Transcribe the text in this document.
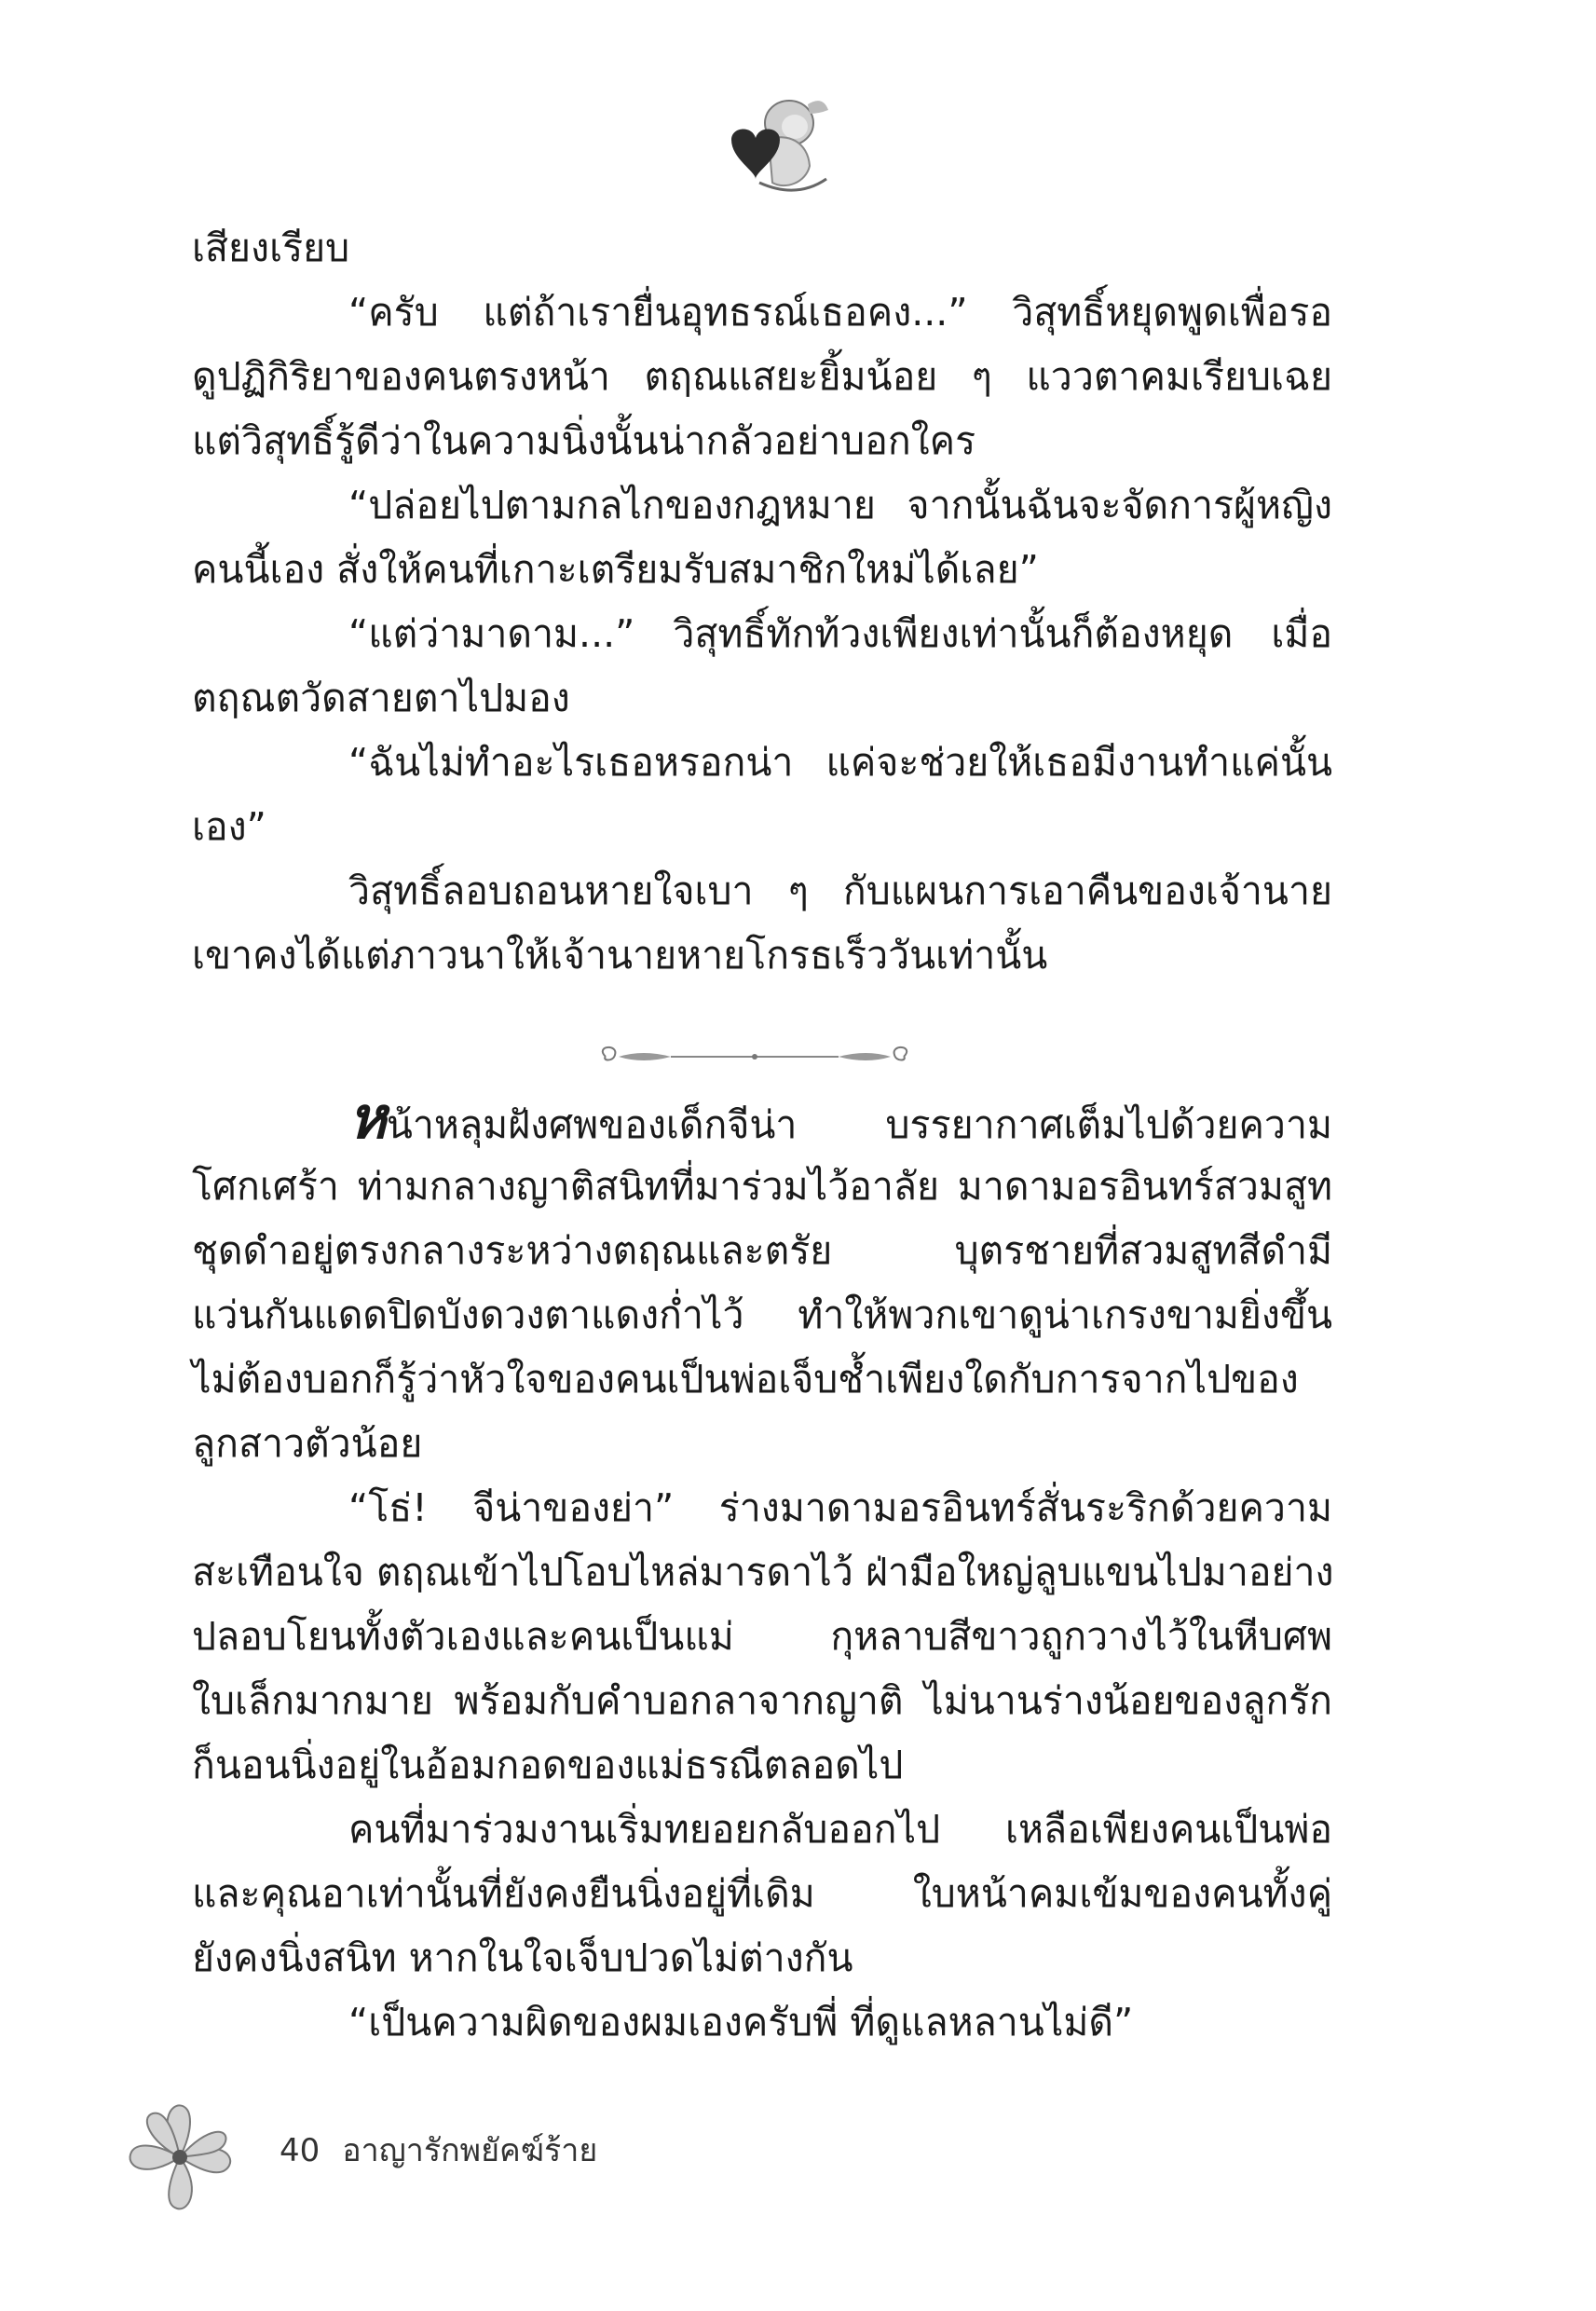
เสียงเรียบ
“ครับ แต่ถ้าเรายื่นอุทธรณ์เธอคง...” วิสุทธิ์หยุดพูดเพื่อรอ
ดูปฏิกิริยาของคนตรงหน้า ตฤณแสยะยิ้มน้อย ๆ แววตาคมเรียบเฉย
แต่วิสุทธิ์รู้ดีว่าในความนิ่งนั้นน่ากลัวอย่าบอกใคร
“ปล่อยไปตามกลไกของกฎหมาย จากนั้นฉันจะจัดการผู้หญิง
คนนี้เอง สั่งให้คนที่เกาะเตรียมรับสมาชิกใหม่ได้เลย”
“แต่ว่ามาดาม...” วิสุทธิ์ทักท้วงเพียงเท่านั้นก็ต้องหยุด เมื่อ
ตฤณตวัดสายตาไปมอง
“ฉันไม่ทำอะไรเธอหรอกน่า แค่จะช่วยให้เธอมีงานทำแค่นั้น
เอง”
วิสุทธิ์ลอบถอนหายใจเบา ๆ กับแผนการเอาคืนของเจ้านาย
เขาคงได้แต่ภาวนาให้เจ้านายหายโกรธเร็ววันเท่านั้น
หน้าหลุมฝังศพของเด็กจีน่า บรรยากาศเต็มไปด้วยความ
โศกเศร้า ท่ามกลางญาติสนิทที่มาร่วมไว้อาลัย มาดามอรอินทร์สวมสูท
ชุดดำอยู่ตรงกลางระหว่างตฤณและตรัย บุตรชายที่สวมสูทสีดำมี
แว่นกันแดดปิดบังดวงตาแดงก่ำไว้ ทำให้พวกเขาดูน่าเกรงขามยิ่งขึ้น
ไม่ต้องบอกก็รู้ว่าหัวใจของคนเป็นพ่อเจ็บช้ำเพียงใดกับการจากไปของ
ลูกสาวตัวน้อย
“โธ่! จีน่าของย่า” ร่างมาดามอรอินทร์สั่นระริกด้วยความ
สะเทือนใจ ตฤณเข้าไปโอบไหล่มารดาไว้ ฝ่ามือใหญ่ลูบแขนไปมาอย่าง
ปลอบโยนทั้งตัวเองและคนเป็นแม่ กุหลาบสีขาวถูกวางไว้ในหีบศพ
ใบเล็กมากมาย พร้อมกับคำบอกลาจากญาติ ไม่นานร่างน้อยของลูกรัก
ก็นอนนิ่งอยู่ในอ้อมกอดของแม่ธรณีตลอดไป
คนที่มาร่วมงานเริ่มทยอยกลับออกไป เหลือเพียงคนเป็นพ่อ
และคุณอาเท่านั้นที่ยังคงยืนนิ่งอยู่ที่เดิม ใบหน้าคมเข้มของคนทั้งคู่
ยังคงนิ่งสนิท หากในใจเจ็บปวดไม่ต่างกัน
“เป็นความผิดของผมเองครับพี่ ที่ดูแลหลานไม่ดี”
40 อาญารักพยัคฆ์ร้าย
